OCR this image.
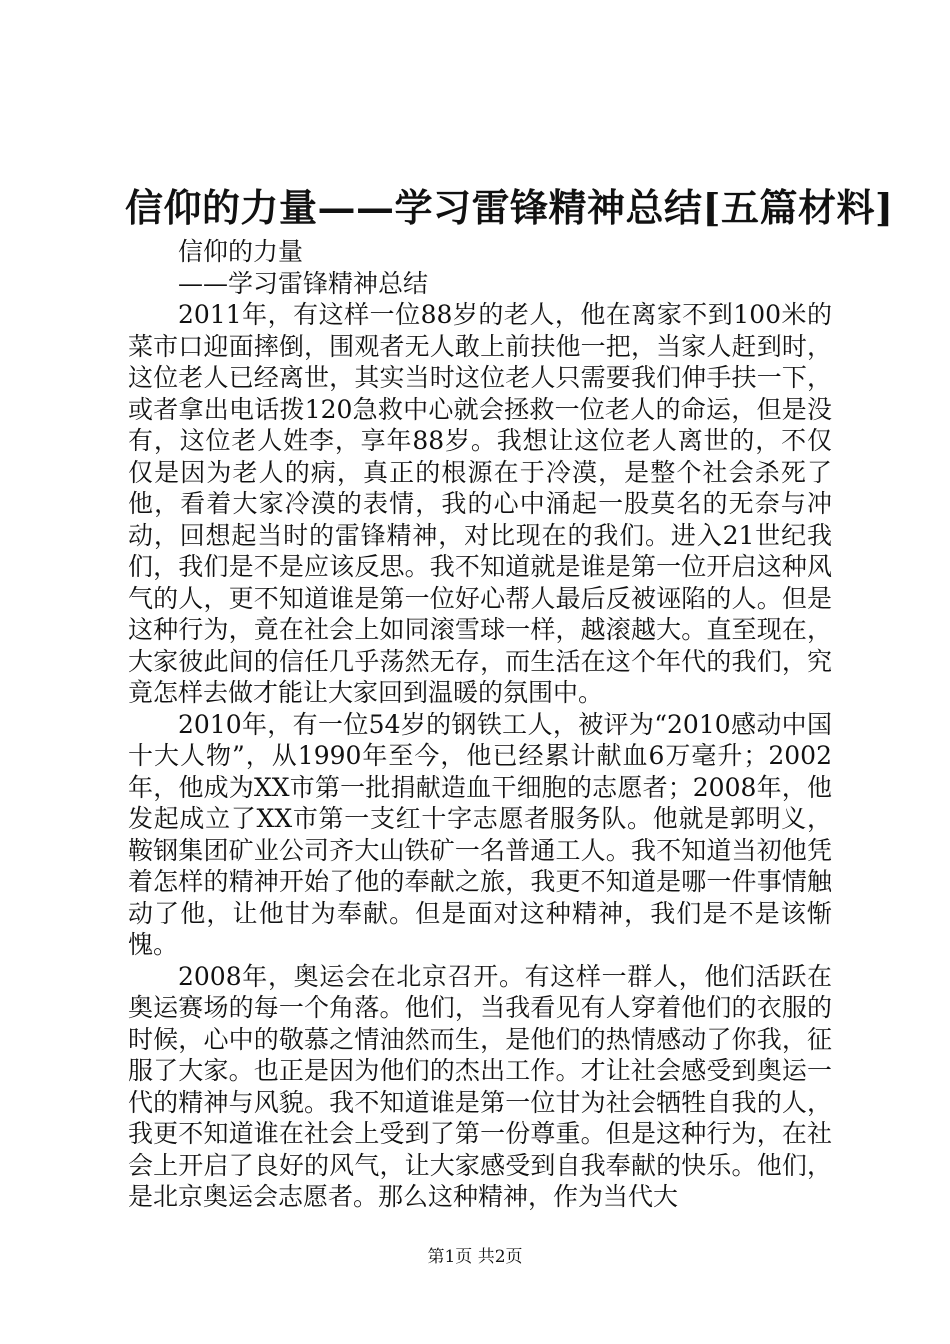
信仰的力量——学习雷锋精神总结[五篇材料]

信仰的力量

——学习雷锋精神总结

2011年，有这样一位88岁的老人，他在离家不到100米的菜市口迎面摔倒，围观者无人敢上前扶他一把，当家人赶到时，这位老人已经离世，其实当时这位老人只需要我们伸手扶一下，或者拿出电话拨120急救中心就会拯救一位老人的命运，但是没有，这位老人姓李，享年88岁。我想让这位老人离世的，不仅仅是因为老人的病，真正的根源在于冷漠，是整个社会杀死了他，看着大家冷漠的表情，我的心中涌起一股莫名的无奈与冲动，回想起当时的雷锋精神，对比现在的我们。进入21世纪我们，我们是不是应该反思。我不知道就是谁是第一位开启这种风气的人，更不知道谁是第一位好心帮人最后反被诬陷的人。但是这种行为，竟在社会上如同滚雪球一样，越滚越大。直至现在，大家彼此间的信任几乎荡然无存，而生活在这个年代的我们，究竟怎样去做才能让大家回到温暖的氛围中。

2010年，有一位54岁的钢铁工人，被评为“2010感动中国十大人物”，从1990年至今，他已经累计献血6万毫升；2002年，他成为XX市第一批捐献造血干细胞的志愿者；2008年，他发起成立了XX市第一支红十字志愿者服务队。他就是郭明义，鞍钢集团矿业公司齐大山铁矿一名普通工人。我不知道当初他凭着怎样的精神开始了他的奉献之旅，我更不知道是哪一件事情触动了他，让他甘为奉献。但是面对这种精神，我们是不是该惭愧。

2008年，奥运会在北京召开。有这样一群人，他们活跃在奥运赛场的每一个角落。他们，当我看见有人穿着他们的衣服的时候，心中的敬慕之情油然而生，是他们的热情感动了你我，征服了大家。也正是因为他们的杰出工作。才让社会感受到奥运一代的精神与风貌。我不知道谁是第一位甘为社会牺牲自我的人，我更不知道谁在社会上受到了第一份尊重。但是这种行为，在社会上开启了良好的风气，让大家感受到自我奉献的快乐。他们，是北京奥运会志愿者。那么这种精神，作为当代大

第1页 共2页
